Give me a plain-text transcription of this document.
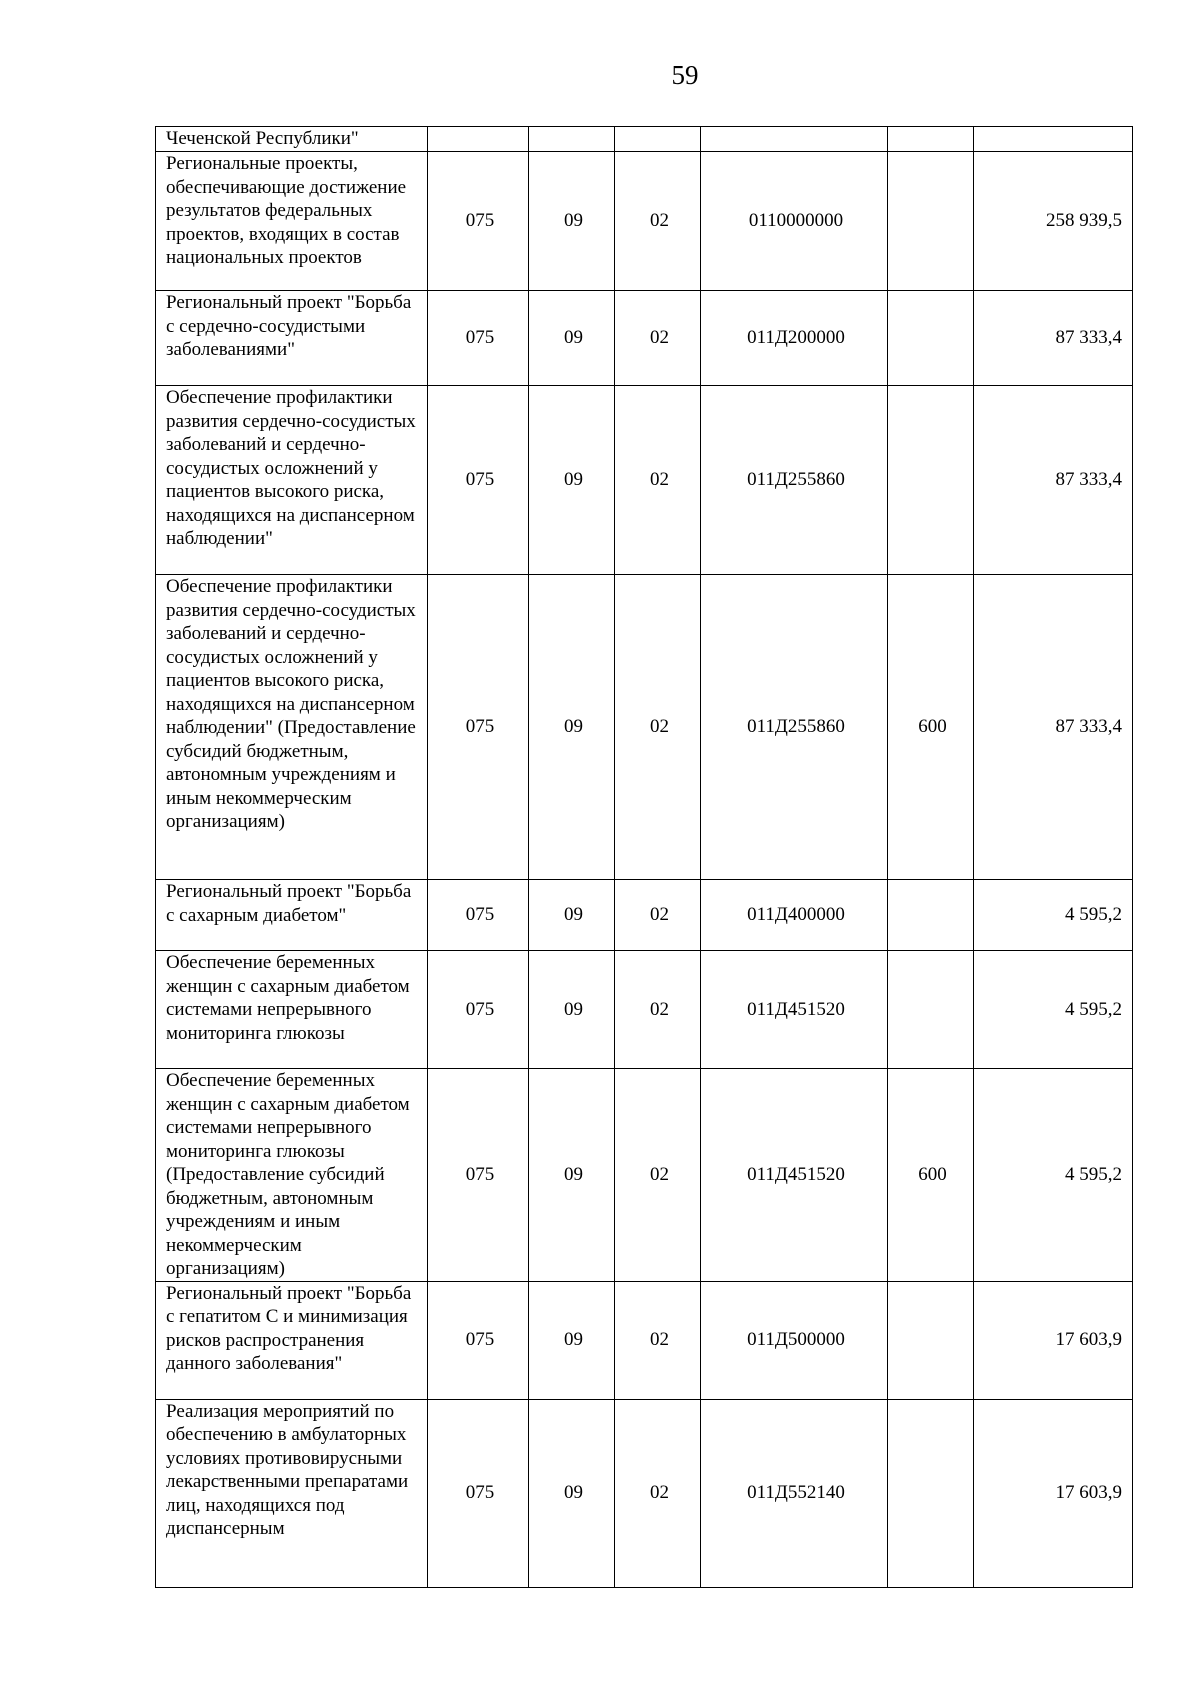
59
Чеченской Республики"						
Региональные проекты, обеспечивающие достижение результатов федеральных проектов, входящих в состав национальных проектов	075	09	02	0110000000		258 939,5
Региональный проект "Борьба с сердечно-сосудистыми заболеваниями"	075	09	02	011Д200000		87 333,4
Обеспечение профилактики развития сердечно-сосудистых заболеваний и сердечно-сосудистых осложнений у пациентов высокого риска, находящихся на диспансерном наблюдении"	075	09	02	011Д255860		87 333,4
Обеспечение профилактики развития сердечно-сосудистых заболеваний и сердечно-сосудистых осложнений у пациентов высокого риска, находящихся на диспансерном наблюдении" (Предоставление субсидий бюджетным, автономным учреждениям и иным некоммерческим организациям)	075	09	02	011Д255860	600	87 333,4
Региональный проект "Борьба с сахарным диабетом"	075	09	02	011Д400000		4 595,2
Обеспечение беременных женщин с сахарным диабетом системами непрерывного мониторинга глюкозы	075	09	02	011Д451520		4 595,2
Обеспечение беременных женщин с сахарным диабетом системами непрерывного мониторинга глюкозы (Предоставление субсидий бюджетным, автономным учреждениям и иным некоммерческим организациям)	075	09	02	011Д451520	600	4 595,2
Региональный проект "Борьба с гепатитом С и минимизация рисков распространения данного заболевания"	075	09	02	011Д500000		17 603,9
Реализация мероприятий по обеспечению в амбулаторных условиях противовирусными лекарственными препаратами лиц, находящихся под диспансерным	075	09	02	011Д552140		17 603,9
